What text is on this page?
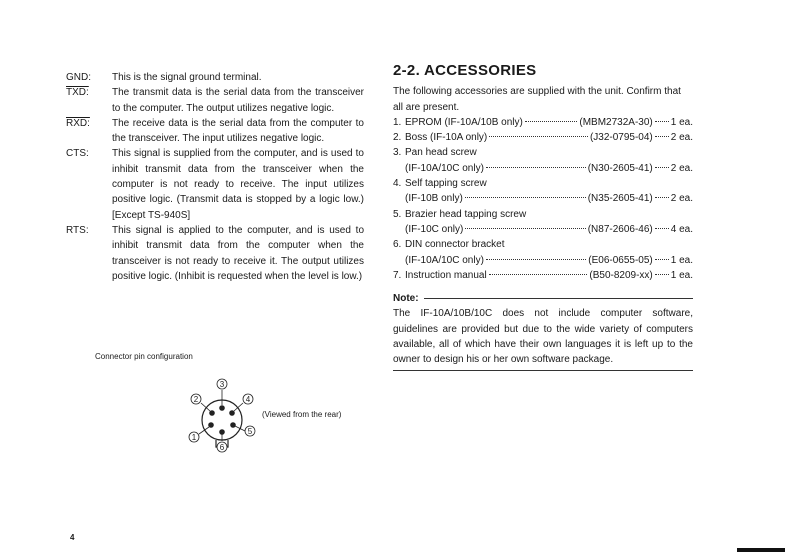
GND:	This is the signal ground terminal.
TXD:	The transmit data is the serial data from the transceiver to the computer. The output utilizes negative logic.
RXD:	The receive data is the serial data from the computer to the transceiver. The input utilizes negative logic.
CTS:	This signal is supplied from the computer, and is used to inhibit transmit data from the transceiver when the computer is not ready to receive. The input utilizes positive logic. (Transmit data is stopped by a logic low.) [Except TS-940S]
RTS:	This signal is applied to the computer, and is used to inhibit transmit data from the computer when the transceiver is not ready to receive it. The output utilizes positive logic. (Inhibit is requested when the level is low.)
Connector pin configuration
3
2	4
1
5
6
(Viewed from the rear)
2-2. ACCESSORIES
The following accessories are supplied with the unit. Confirm that all are present.
1. EPROM (IF-10A/10B only)	(MBM2732A-30) 1 ea.
2. Boss (IF-10A only)	(J32-0795-04) 2 ea.
3. Pan head screw
(IF-10A/10C only)	(N30-2605-41) 2 ea.
4. Self tapping screw
(IF-10B only)	(N35-2605-41) 2 ea.
5. Brazier head tapping screw
(IF-10C only)	(N87-2606-46) 4 ea.
6. DIN connector bracket
(IF-10A/10C only)	(E06-0655-05) 1 ea.
7. Instruction manual	(B50-8209-xx) 1 ea.
Note:
The IF-10A/10B/10C does not include computer software, guidelines are provided but due to the wide variety of computers available, all of which have their own languages it is left up to the owner to design his or her own software package.
4
